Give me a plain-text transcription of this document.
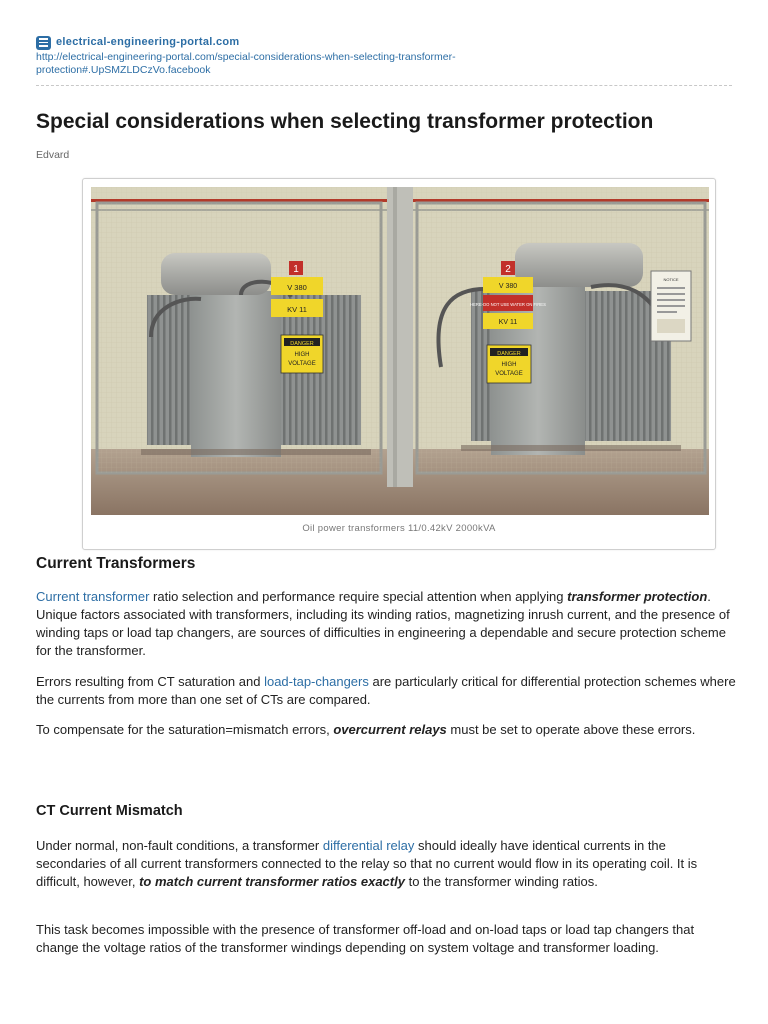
electrical-engineering-portal.com
http://electrical-engineering-portal.com/special-considerations-when-selecting-transformer-protection#.UpSMZLDCzVo.facebook
Special considerations when selecting transformer protection
Edvard
1
V 380
KV 11
DANGER
HIGH
VOLTAGE
2
V 380
HERE-DO NOT USE WATER ON FIRES
KV 11
DANGER
HIGH
VOLTAGE
NOTICE
Oil power transformers 11/0.42kV 2000kVA
Current Transformers

Current transformer ratio selection and performance require special attention when applying transformer protection. Unique factors associated with transformers, including its winding ratios, magnetizing inrush current, and the presence of winding taps or load tap changers, are sources of difficulties in engineering a dependable and secure protection scheme for the transformer.

Errors resulting from CT saturation and load-tap-changers are particularly critical for differential protection schemes where the currents from more than one set of CTs are compared.

To compensate for the saturation=mismatch errors, overcurrent relays must be set to operate above these errors.

CT Current Mismatch

Under normal, non-fault conditions, a transformer differential relay should ideally have identical currents in the secondaries of all current transformers connected to the relay so that no current would flow in its operating coil. It is difficult, however, to match current transformer ratios exactly to the transformer winding ratios.

This task becomes impossible with the presence of transformer off-load and on-load taps or load tap changers that change the voltage ratios of the transformer windings depending on system voltage and transformer loading.
